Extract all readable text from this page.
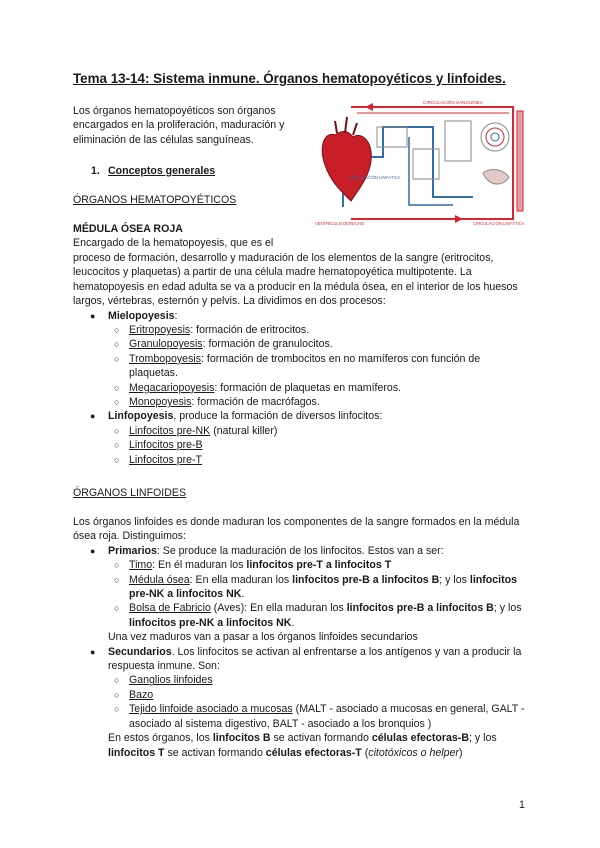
Tema 13-14: Sistema inmune. Órganos hematopoyéticos y linfoides.
Los órganos hematopoyéticos son órganos encargados en la proliferación, maduración y eliminación de las células sanguíneas.
CIRCULACIÓN SANGUÍNEA
CIRCULACIÓN LINFÁTICA
VENTRÍCULO DERECHO	CIRCULACIÓN LINFÁTICA
1. Conceptos generales
ÓRGANOS HEMATOPOYÉTICOS
MÉDULA ÓSEA ROJA
Encargado de la hematopoyesis, que es el
proceso de formación, desarrollo y maduración de los elementos de la sangre (eritrocitos, leucocitos y plaquetas) a partir de una célula madre hematopoyética multipotente. La hematopoyesis en edad adulta se va a producir en la médula ósea, en el interior de los huesos largos, vértebras, esternón y pelvis. La dividimos en dos procesos:
● Mielopoyesis:
○ Eritropoyesis: formación de eritrocitos.
○ Granulopoyesis: formación de granulocitos.
○ Trombopoyesis: formación de trombocitos en no mamíferos con función de plaquetas.
○ Megacariopoyesis: formación de plaquetas en mamíferos.
○ Monopoyesis: formación de macrófagos.
● Linfopoyesis, produce la formación de diversos linfocitos:
○ Linfocitos pre-NK (natural killer)
○ Linfocitos pre-B
○ Linfocitos pre-T
ÓRGANOS LINFOIDES
Los órganos linfoides es donde maduran los componentes de la sangre formados en la médula ósea roja. Distinguimos:
● Primarios: Se produce la maduración de los linfocitos. Estos van a ser:
○ Timo: En él maduran los linfocitos pre-T a linfocitos T
○ Médula ósea: En ella maduran los linfocitos pre-B a linfocitos B; y los linfocitos pre-NK a linfocitos NK.
○ Bolsa de Fabricio (Aves): En ella maduran los linfocitos pre-B a linfocitos B; y los linfocitos pre-NK a linfocitos NK.
Una vez maduros van a pasar a los órganos linfoides secundarios
● Secundarios. Los linfocitos se activan al enfrentarse a los antígenos y van a producir la respuesta inmune. Son:
○ Ganglios linfoides
○ Bazo
○ Tejido linfoide asociado a mucosas (MALT - asociado a mucosas en general, GALT - asociado al sistema digestivo, BALT - asociado a los bronquios )
En estos órganos, los linfocitos B se activan formando células efectoras-B; y los linfocitos T se activan formando células efectoras-T (citotóxicos o helper)
1
